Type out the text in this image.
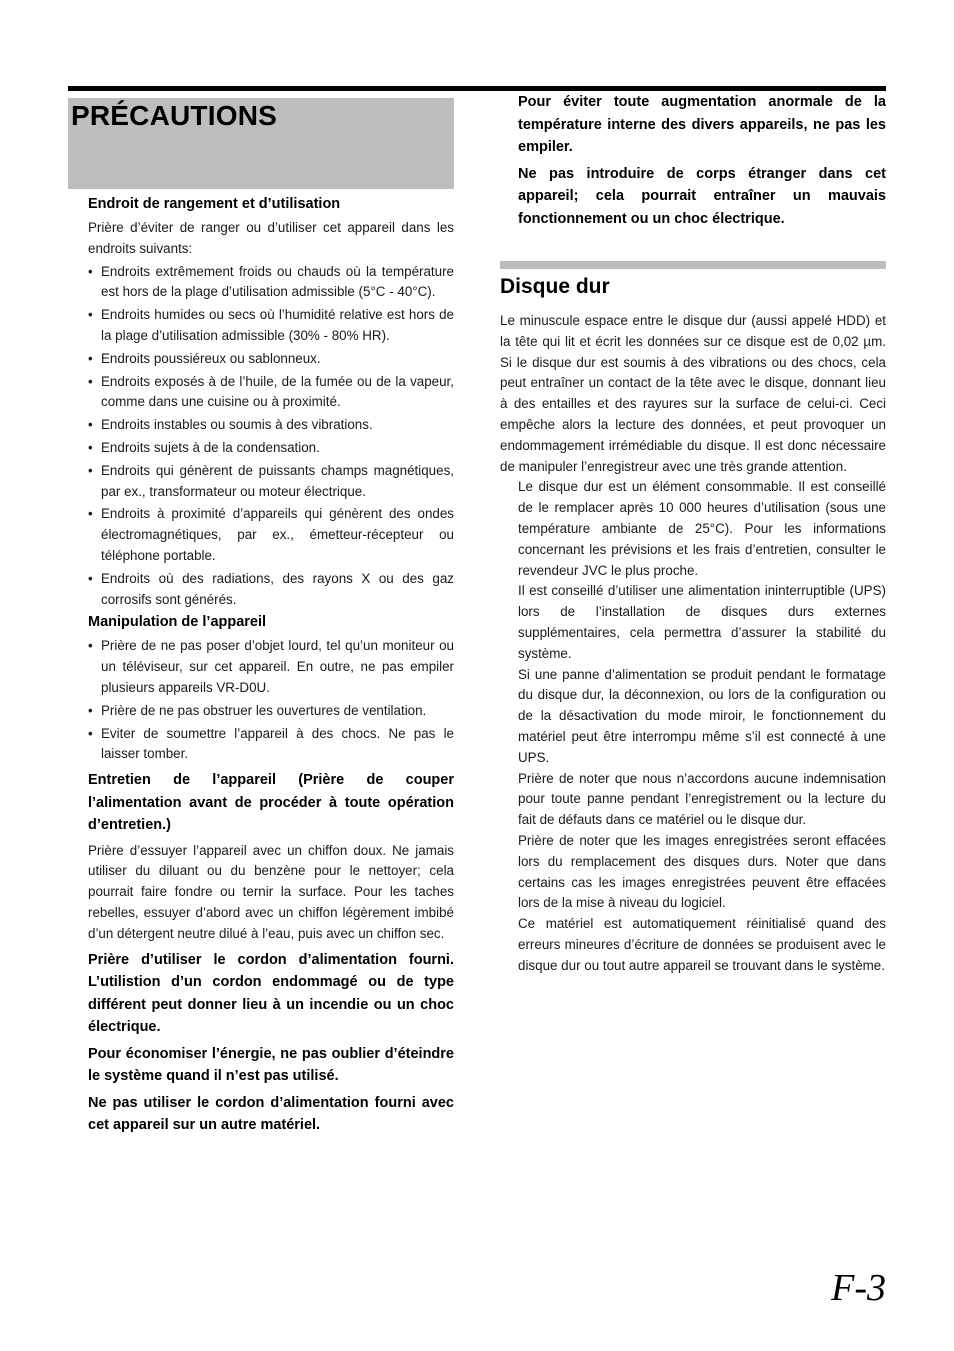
PRÉCAUTIONS
Endroit de rangement et d’utilisation

Prière d’éviter de ranger ou d’utiliser cet appareil dans les endroits suivants:

• Endroits extrêmement froids ou chauds où la température est hors de la plage d’utilisation admissible (5°C - 40°C).
• Endroits humides ou secs où l’humidité relative est hors de la plage d’utilisation admissible (30% - 80% HR).
• Endroits poussiéreux ou sablonneux.
• Endroits exposés à de l’huile, de la fumée ou de la vapeur, comme dans une cuisine ou à proximité.
• Endroits instables ou soumis à des vibrations.
• Endroits sujets à de la condensation.
• Endroits qui génèrent de puissants champs magnétiques, par ex., transformateur ou moteur électrique.
• Endroits à proximité d’appareils qui génèrent des ondes électromagnétiques, par ex., émetteur-récepteur ou téléphone portable.
• Endroits où des radiations, des rayons X ou des gaz corrosifs sont générés.
Manipulation de l’appareil
• Prière de ne pas poser d’objet lourd, tel qu’un moniteur ou un téléviseur, sur cet appareil. En outre, ne pas empiler plusieurs appareils VR-D0U.
• Prière de ne pas obstruer les ouvertures de ventilation.
• Eviter de soumettre l’appareil à des chocs. Ne pas le laisser tomber.
Entretien de l’appareil (Prière de couper l’alimentation avant de procéder à toute opération d’entretien.)

Prière d’essuyer l’appareil avec un chiffon doux. Ne jamais utiliser du diluant ou du benzène pour le nettoyer; cela pourrait faire fondre ou ternir la surface. Pour les taches rebelles, essuyer d’abord avec un chiffon légèrement imbibé d’un détergent neutre dilué à l’eau, puis avec un chiffon sec.

Prière d’utiliser le cordon d’alimentation fourni. L’utilistion d’un cordon endommagé ou de type différent peut donner lieu à un incendie ou un choc électrique.
Pour économiser l’énergie, ne pas oublier d’éteindre le système quand il n’est pas utilisé.
Ne pas utiliser le cordon d’alimentation fourni avec cet appareil sur un autre matériel.
Pour éviter toute augmentation anormale de la température interne des divers appareils, ne pas les empiler.
Ne pas introduire de corps étranger dans cet appareil; cela pourrait entraîner un mauvais fonctionnement ou un choc électrique.
Disque dur

Le minuscule espace entre le disque dur (aussi appelé HDD) et la tête qui lit et écrit les données sur ce disque est de 0,02 µm. Si le disque dur est soumis à des vibrations ou des chocs, cela peut entraîner un contact de la tête avec le disque, donnant lieu à des entailles et des rayures sur la surface de celui-ci. Ceci empêche alors la lecture des données, et peut provoquer un endommagement irrémédiable du disque. Il est donc nécessaire de manipuler l’enregistreur avec une très grande attention.

Le disque dur est un élément consommable. Il est conseillé de le remplacer après 10 000 heures d’utilisation (sous une température ambiante de 25°C). Pour les informations concernant les prévisions et les frais d’entretien, consulter le revendeur JVC le plus proche.

Il est conseillé d’utiliser une alimentation ininterruptible (UPS) lors de l’installation de disques durs externes supplémentaires, cela permettra d’assurer la stabilité du système.

Si une panne d’alimentation se produit pendant le formatage du disque dur, la déconnexion, ou lors de la configuration ou de la désactivation du mode miroir, le fonctionnement du matériel peut être interrompu même s’il est connecté à une UPS.

Prière de noter que nous n’accordons aucune indemnisation pour toute panne pendant l’enregistrement ou la lecture du fait de défauts dans ce matériel ou le disque dur.

Prière de noter que les images enregistrées seront effacées lors du remplacement des disques durs. Noter que dans certains cas les images enregistrées peuvent être effacées lors de la mise à niveau du logiciel.

Ce matériel est automatiquement réinitialisé quand des erreurs mineures d’écriture de données se produisent avec le disque dur ou tout autre appareil se trouvant dans le système.

F-3
